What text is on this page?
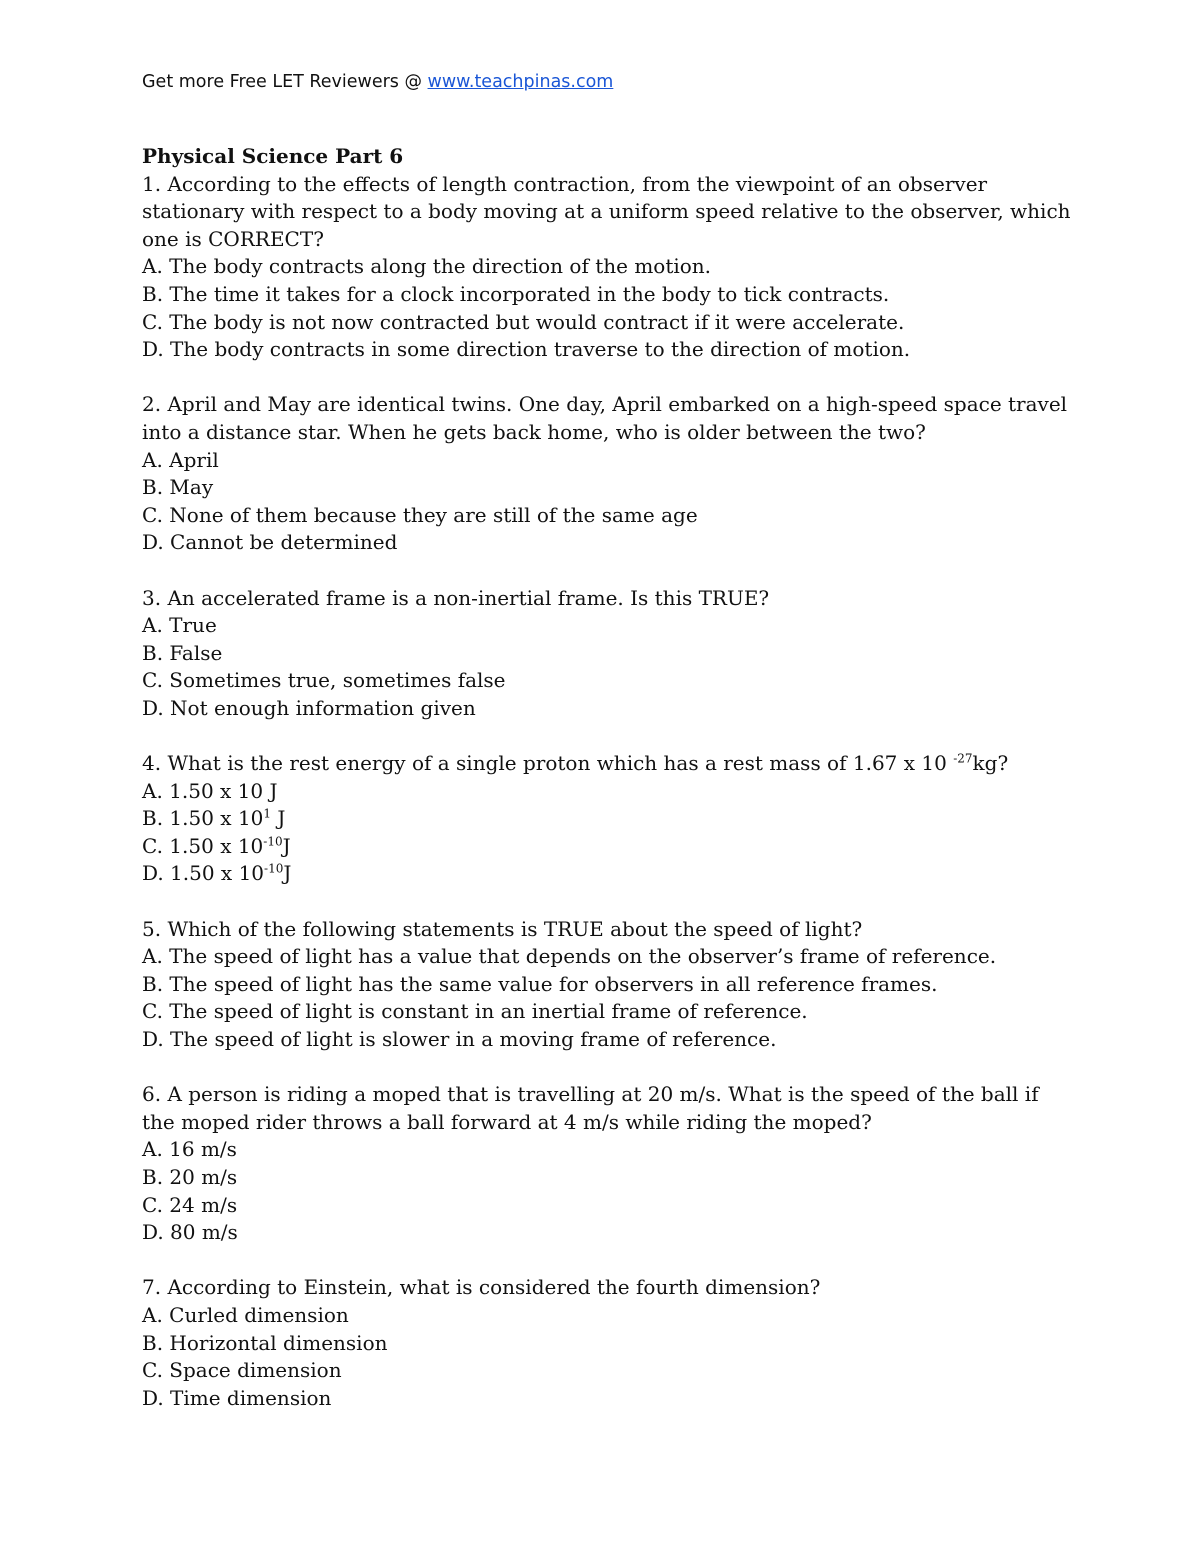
Get more Free LET Reviewers @ www.teachpinas.com

Physical Science Part 6

1. According to the effects of length contraction, from the viewpoint of an observer stationary with respect to a body moving at a uniform speed relative to the observer, which one is CORRECT?

A. The body contracts along the direction of the motion.

B. The time it takes for a clock incorporated in the body to tick contracts.

C. The body is not now contracted but would contract if it were accelerate.

D. The body contracts in some direction traverse to the direction of motion.

2. April and May are identical twins. One day, April embarked on a high-speed space travel into a distance star. When he gets back home, who is older between the two?

A. April

B. May

C. None of them because they are still of the same age

D. Cannot be determined

3. An accelerated frame is a non-inertial frame. Is this TRUE?

A. True

B. False

C. Sometimes true, sometimes false

D. Not enough information given

4. What is the rest energy of a single proton which has a rest mass of 1.67 x 10 $^{-27}$kg?

A. 1.50 x 10 J

B. 1.50 x $10^1$ J

C. 1.50 x $10^{-10}J$

D. 1.50 x $10^{-10}J$

5. Which of the following statements is TRUE about the speed of light?

A. The speed of light has a value that depends on the observer’s frame of reference.

B. The speed of light has the same value for observers in all reference frames.

C. The speed of light is constant in an inertial frame of reference.

D. The speed of light is slower in a moving frame of reference.

6. A person is riding a moped that is travelling at 20 m/s. What is the speed of the ball if the moped rider throws a ball forward at 4 m/s while riding the moped?

A. 16 m/s

B. 20 m/s

C. 24 m/s

D. 80 m/s

7. According to Einstein, what is considered the fourth dimension?

A. Curled dimension

B. Horizontal dimension

C. Space dimension

D. Time dimension
